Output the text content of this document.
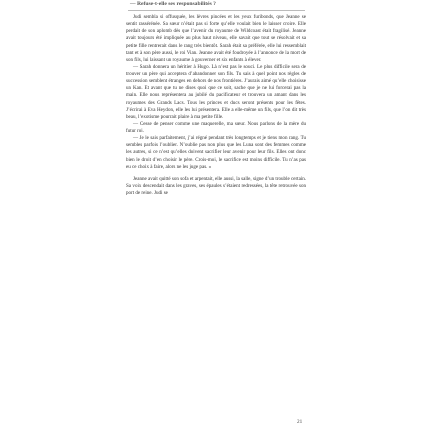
— Refuse-t-elle ses responsabilités ?

Judi sembla si offusquée, les lèvres pincées et les yeux furibonds, que Jeanne se sentit rassérénée. Sa sœur n’était pas si forte qu’elle voulait bien le laisser croire. Elle perdait de son aplomb dès que l’avenir du royaume de Wildcoast était fragilisé. Jeanne avait toujours été impliquée au plus haut niveau, elle savait que tout se résolvait et sa petite fille rentrerait dans le rang très bientôt. Sarah était sa préférée, elle lui ressemblait tant et à son père aussi, le roi Vian. Jeanne avait été foudroyée à l’annonce de la mort de son fils, lui laissant un royaume à gouverner et six enfants à élever.

— Sarah donnera un héritier à Hugo. Là n’est pas le souci. Le plus difficile sera de trouver un père qui acceptera d’abandonner son fils. Tu sais à quel point nos règles de succession semblent étranges en dehors de nos frontières. J’aurais aimé qu’elle choisisse un Kan. Et avant que tu ne dises quoi que ce soit, sache que je ne lui forcerai pas la main. Elle nous représentera au jubilé du pacificateur et trouvera un amant dans les royaumes des Grands Lacs. Tous les princes et ducs seront présents pour les fêtes. J’écrirai à Eva Heydon, elle les lui présentera. Elle a elle-même un fils, que l’on dit très beau, l’exotisme pourrait plaire à ma petite fille.

— Cesse de penser comme une maquerelle, ma sœur. Nous parlons de la mère du futur roi.

— Je le sais parfaitement, j’ai régné pendant très longtemps et je tiens mon rang. Tu sembles parfois l’oublier. N’oublie pas non plus que les Luna sont des femmes comme les autres, si ce n’est qu’elles doivent sacrifier leur avenir pour leur fils. Elles ont donc bien le droit d’en choisir le père. Crois-moi, le sacrifice est moins difficile. Tu n’as pas eu ce choix à faire, alors ne les juge pas. »

Jeanne avait quitté son sofa et arpentait, elle aussi, la salle, signe d’un trouble certain. Sa voix descendait dans les graves, ses épaules s’étaient redressées, la tête retrouvée son port de reine. Judi se

21
